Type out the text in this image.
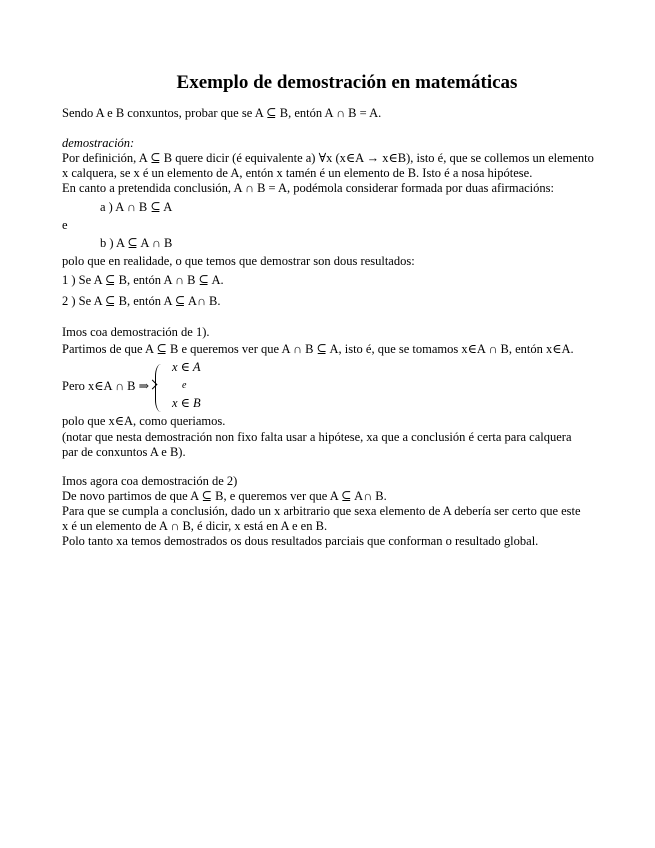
Exemplo de demostración en matemáticas
Sendo A e B conxuntos, probar que se A ⊆ B, entón A ∩ B = A.
demostración:
Por definición, A ⊆ B quere dicir (é equivalente a) ∀x (x∈A → x∈B), isto é, que se collemos un elemento
x calquera, se x é un elemento de A, entón x tamén é un elemento de B. Isto é a nosa hipótese.
En canto a pretendida conclusión, A ∩ B = A, podémola considerar formada por duas afirmacións:
a ) A ∩ B ⊆ A
e
b ) A ⊆ A ∩ B
polo que en realidade, o que temos que demostrar son dous resultados:
1 ) Se A ⊆ B, entón A ∩ B ⊆ A.
2 ) Se A ⊆ B, entón A ⊆ A∩ B.
Imos coa demostración de 1).
Partimos de que A ⊆ B e queremos ver que A ∩ B ⊆ A, isto é, que se tomamos x∈A ∩ B, entón x∈A.
Pero x∈A ∩ B ⇒
x ∈ A
e
x ∈ B
polo que x∈A, como queriamos.
(notar que nesta demostración non fixo falta usar a hipótese, xa que a conclusión é certa para calquera
par de conxuntos A e B).
Imos agora coa demostración de 2)
De novo partimos de que A ⊆ B, e queremos ver que A ⊆ A∩ B.
Para que se cumpla a conclusión, dado un x arbitrario que sexa elemento de A debería ser certo que este
x é un elemento de A ∩ B, é dicir, x está en A e en B.
Polo tanto xa temos demostrados os dous resultados parciais que conforman o resultado global.
